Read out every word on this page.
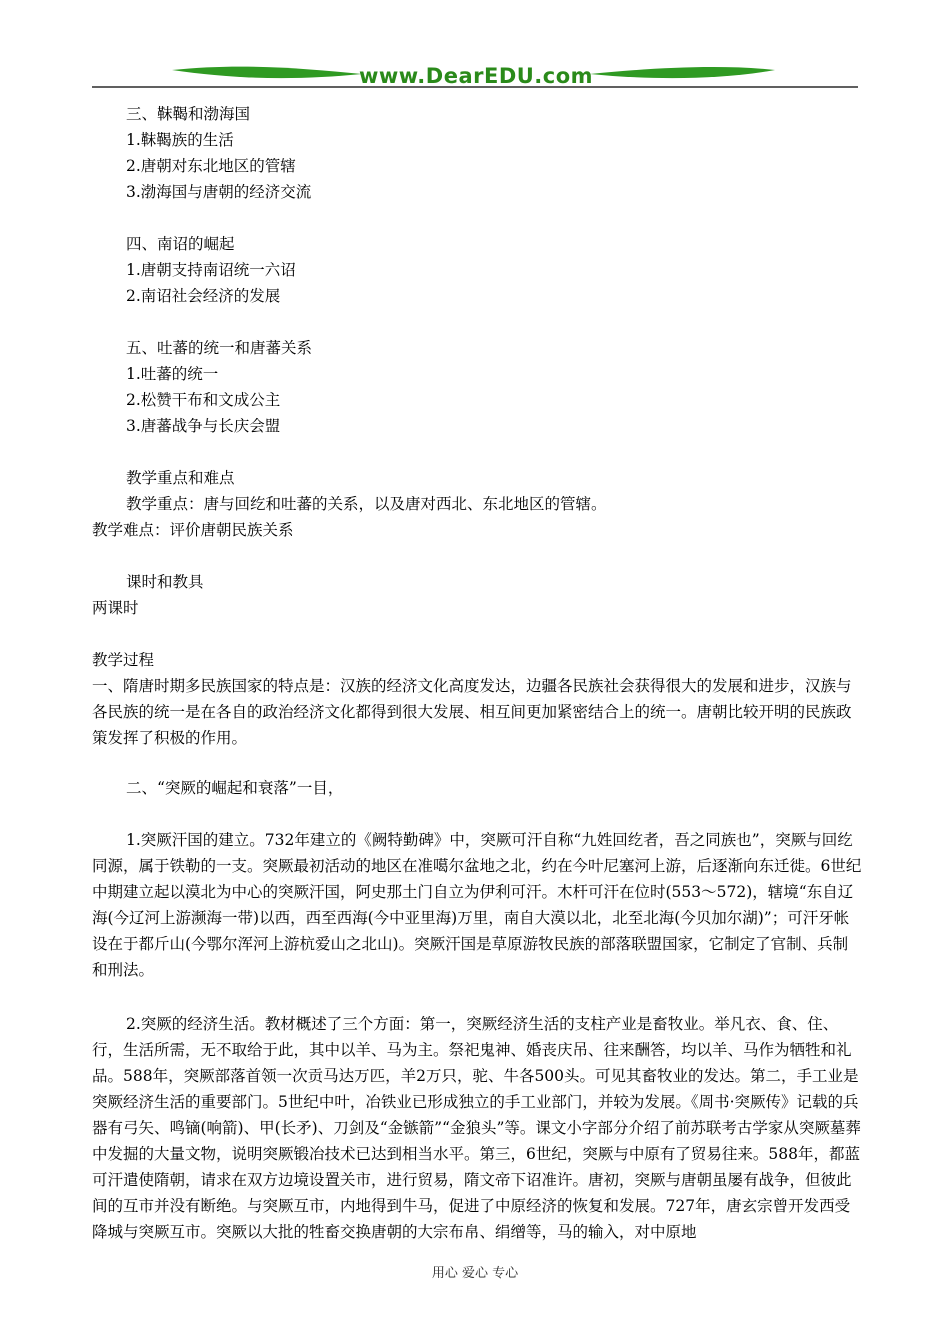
www.DearEDU.com
三、靺鞨和渤海国
1.靺鞨族的生活
2.唐朝对东北地区的管辖
3.渤海国与唐朝的经济交流
四、南诏的崛起
1.唐朝支持南诏统一六诏
2.南诏社会经济的发展
五、吐蕃的统一和唐蕃关系
1.吐蕃的统一
2.松赞干布和文成公主
3.唐蕃战争与长庆会盟
教学重点和难点
教学重点：唐与回纥和吐蕃的关系，以及唐对西北、东北地区的管辖。
教学难点：评价唐朝民族关系
课时和教具
两课时
教学过程
一、隋唐时期多民族国家的特点是：汉族的经济文化高度发达，边疆各民族社会获得很大的发展和进步，汉族与各民族的统一是在各自的政治经济文化都得到很大发展、相互间更加紧密结合上的统一。唐朝比较开明的民族政策发挥了积极的作用。
二、“突厥的崛起和衰落”一目，
1.突厥汗国的建立。732年建立的《阙特勤碑》中，突厥可汗自称“九姓回纥者，吾之同族也”，突厥与回纥同源，属于铁勒的一支。突厥最初活动的地区在准噶尔盆地之北，约在今叶尼塞河上游，后逐渐向东迁徙。6世纪中期建立起以漠北为中心的突厥汗国，阿史那土门自立为伊利可汗。木杆可汗在位时(553～572)，辖境“东自辽海(今辽河上游濒海一带)以西，西至西海(今中亚里海)万里，南自大漠以北，北至北海(今贝加尔湖)”；可汗牙帐设在于都斤山(今鄂尔浑河上游杭爱山之北山)。突厥汗国是草原游牧民族的部落联盟国家，它制定了官制、兵制和刑法。
2.突厥的经济生活。教材概述了三个方面：第一，突厥经济生活的支柱产业是畜牧业。举凡衣、食、住、行，生活所需，无不取给于此，其中以羊、马为主。祭祀鬼神、婚丧庆吊、往来酬答，均以羊、马作为牺牲和礼品。588年，突厥部落首领一次贡马达万匹，羊2万只，驼、牛各500头。可见其畜牧业的发达。第二，手工业是突厥经济生活的重要部门。5世纪中叶，冶铁业已形成独立的手工业部门，并较为发展。《周书·突厥传》记载的兵器有弓矢、鸣镝(响箭)、甲(长矛)、刀剑及“金镞箭”“金狼头”等。课文小字部分介绍了前苏联考古学家从突厥墓葬中发掘的大量文物，说明突厥锻冶技术已达到相当水平。第三，6世纪，突厥与中原有了贸易往来。588年，都蓝可汗遣使隋朝，请求在双方边境设置关市，进行贸易，隋文帝下诏准许。唐初，突厥与唐朝虽屡有战争，但彼此间的互市并没有断绝。与突厥互市，内地得到牛马，促进了中原经济的恢复和发展。727年，唐玄宗曾开发西受降城与突厥互市。突厥以大批的牲畜交换唐朝的大宗布帛、绢缯等，马的输入，对中原地
用心 爱心 专心
